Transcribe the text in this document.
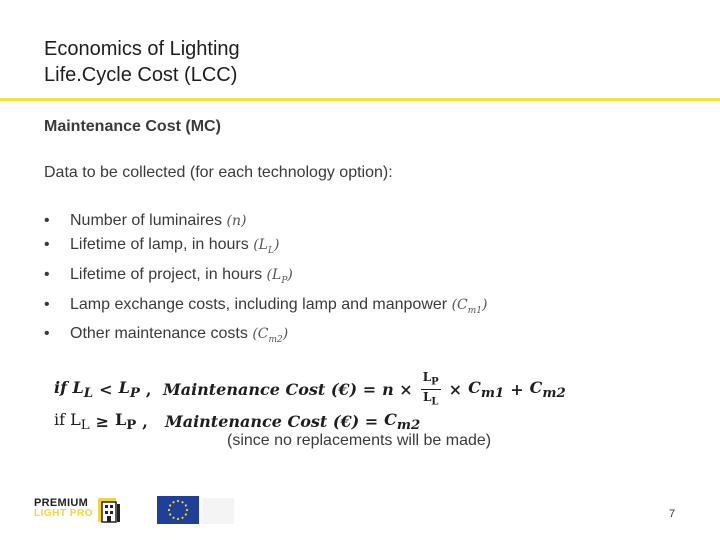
Economics of Lighting
Life.Cycle Cost (LCC)
Maintenance Cost (MC)
Data to be collected (for each technology option):
• Number of luminaires (n)
• Lifetime of lamp, in hours $(L_L)$
• Lifetime of project, in hours $(L_P)$
• Lamp exchange costs, including lamp and manpower $(C_{m1})$
• Other maintenance costs $(C_{m2})$
if $L_L < L_P$ , Maintenance Cost (€) = $n \times \frac{L_P}{L_L} \times C_{m1} + C_{m2}$
if $L_L \ge L_P$ , Maintenance Cost (€) = $C_{m2}$
(since no replacements will be made)
PREMIUM
LIGHT PRO	7
